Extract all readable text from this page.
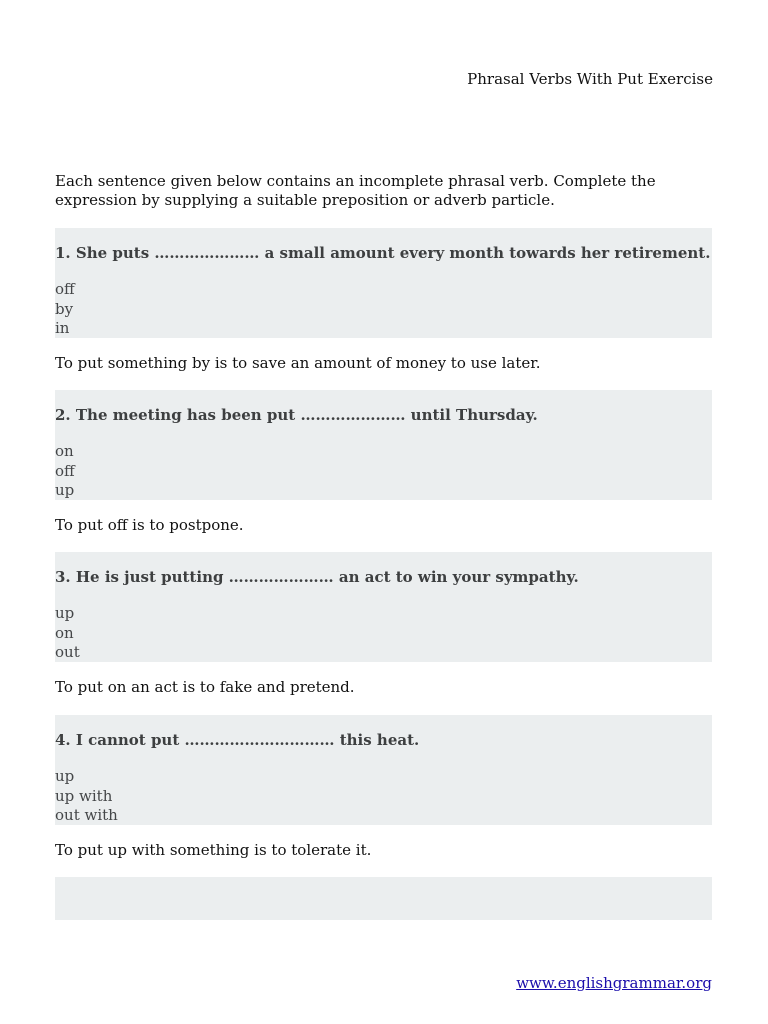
Phrasal Verbs With Put Exercise

Each sentence given below contains an incomplete phrasal verb. Complete the expression by supplying a suitable preposition or adverb particle.

1. She puts ………………… a small amount every month towards her retirement.
off
by
in
To put something by is to save an amount of money to use later.
2. The meeting has been put ………………… until Thursday.
on
off
up
To put off is to postpone.
3. He is just putting ………………… an act to win your sympathy.
up
on
out
To put on an act is to fake and pretend.
4. I cannot put ………………………… this heat.
up
up with
out with
To put up with something is to tolerate it.
www.englishgrammar.org
